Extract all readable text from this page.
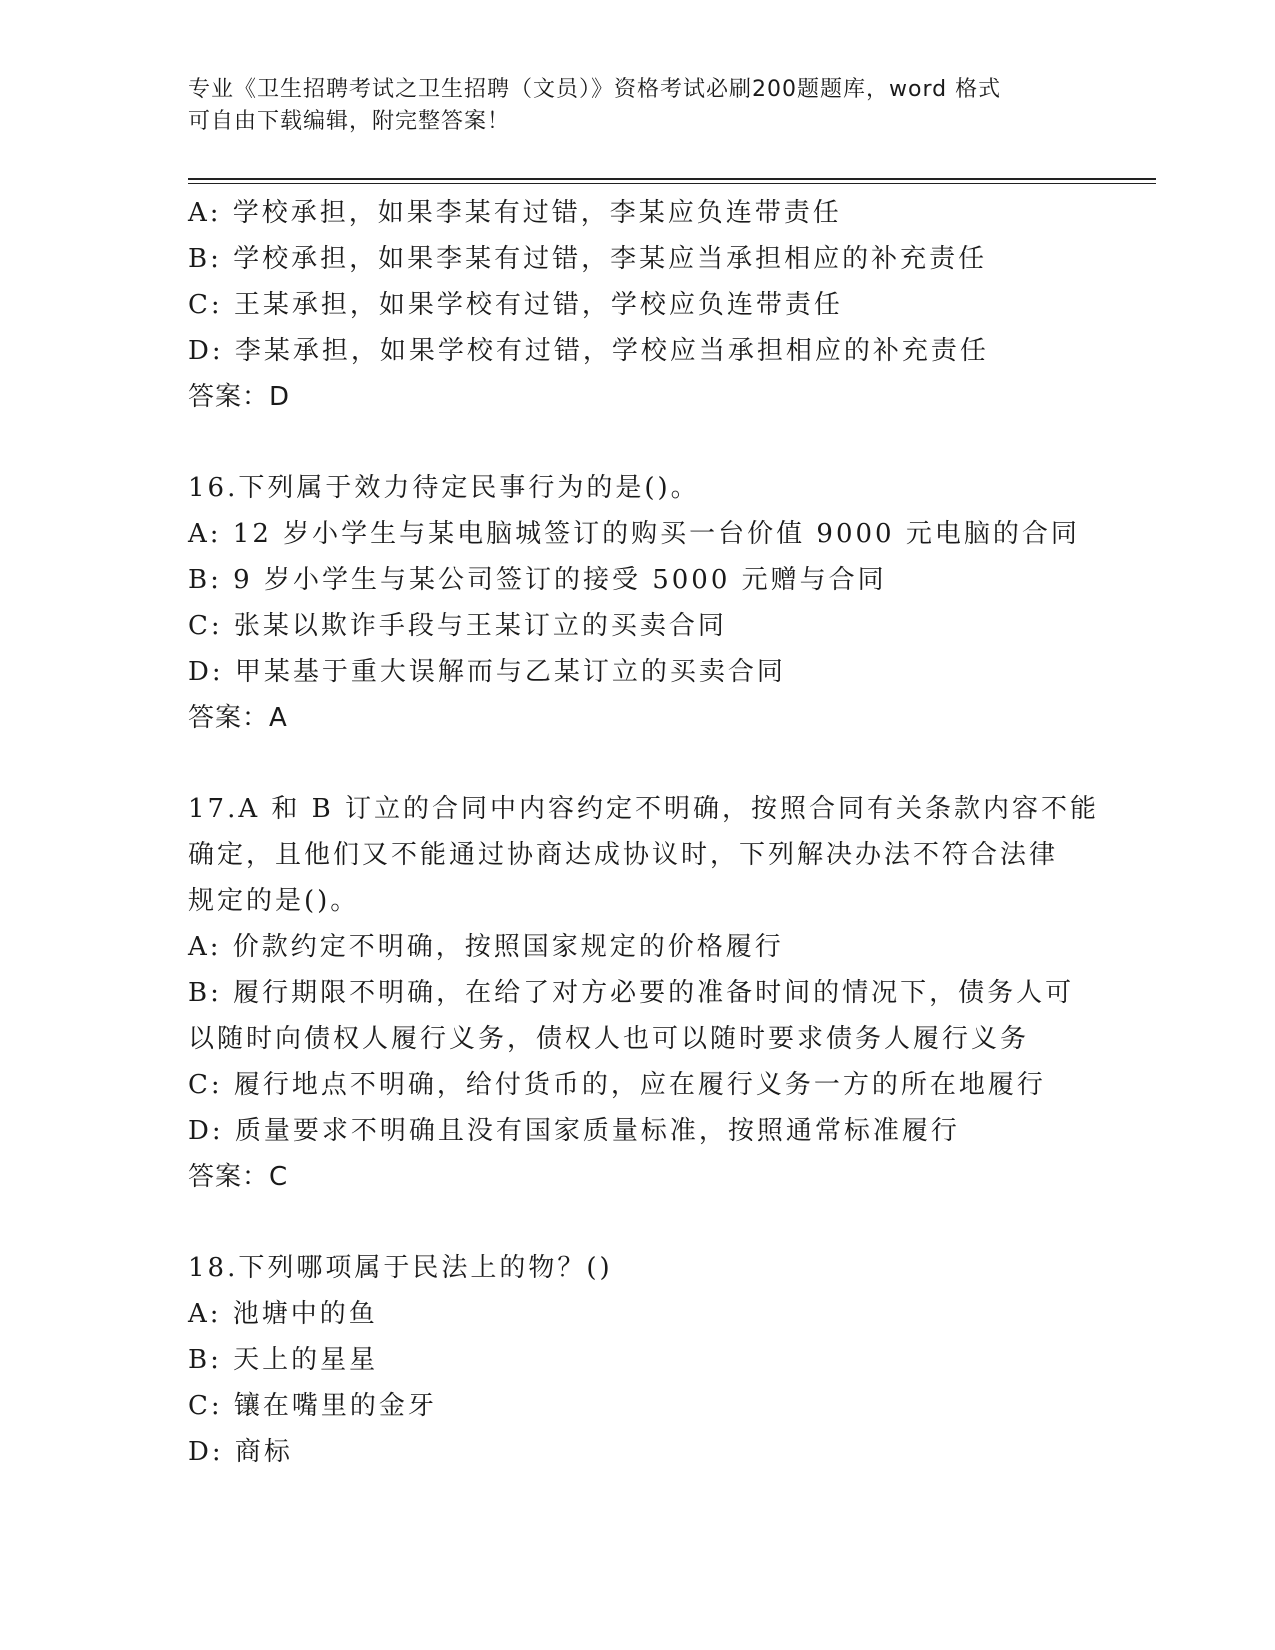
专业《卫生招聘考试之卫生招聘（文员）》资格考试必刷200题题库，word 格式
可自由下载编辑，附完整答案！
A: 学校承担，如果李某有过错，李某应负连带责任
B: 学校承担，如果李某有过错，李某应当承担相应的补充责任
C: 王某承担，如果学校有过错，学校应负连带责任
D: 李某承担，如果学校有过错，学校应当承担相应的补充责任
答案：D
16.下列属于效力待定民事行为的是()。
A: 12 岁小学生与某电脑城签订的购买一台价值 9000 元电脑的合同
B: 9 岁小学生与某公司签订的接受 5000 元赠与合同
C: 张某以欺诈手段与王某订立的买卖合同
D: 甲某基于重大误解而与乙某订立的买卖合同
答案：A
17.A 和 B 订立的合同中内容约定不明确，按照合同有关条款内容不能
确定，且他们又不能通过协商达成协议时，下列解决办法不符合法律
规定的是()。
A: 价款约定不明确，按照国家规定的价格履行
B: 履行期限不明确，在给了对方必要的准备时间的情况下，债务人可
以随时向债权人履行义务，债权人也可以随时要求债务人履行义务
C: 履行地点不明确，给付货币的，应在履行义务一方的所在地履行
D: 质量要求不明确且没有国家质量标准，按照通常标准履行
答案：C
18.下列哪项属于民法上的物？()
A: 池塘中的鱼
B: 天上的星星
C: 镶在嘴里的金牙
D: 商标
